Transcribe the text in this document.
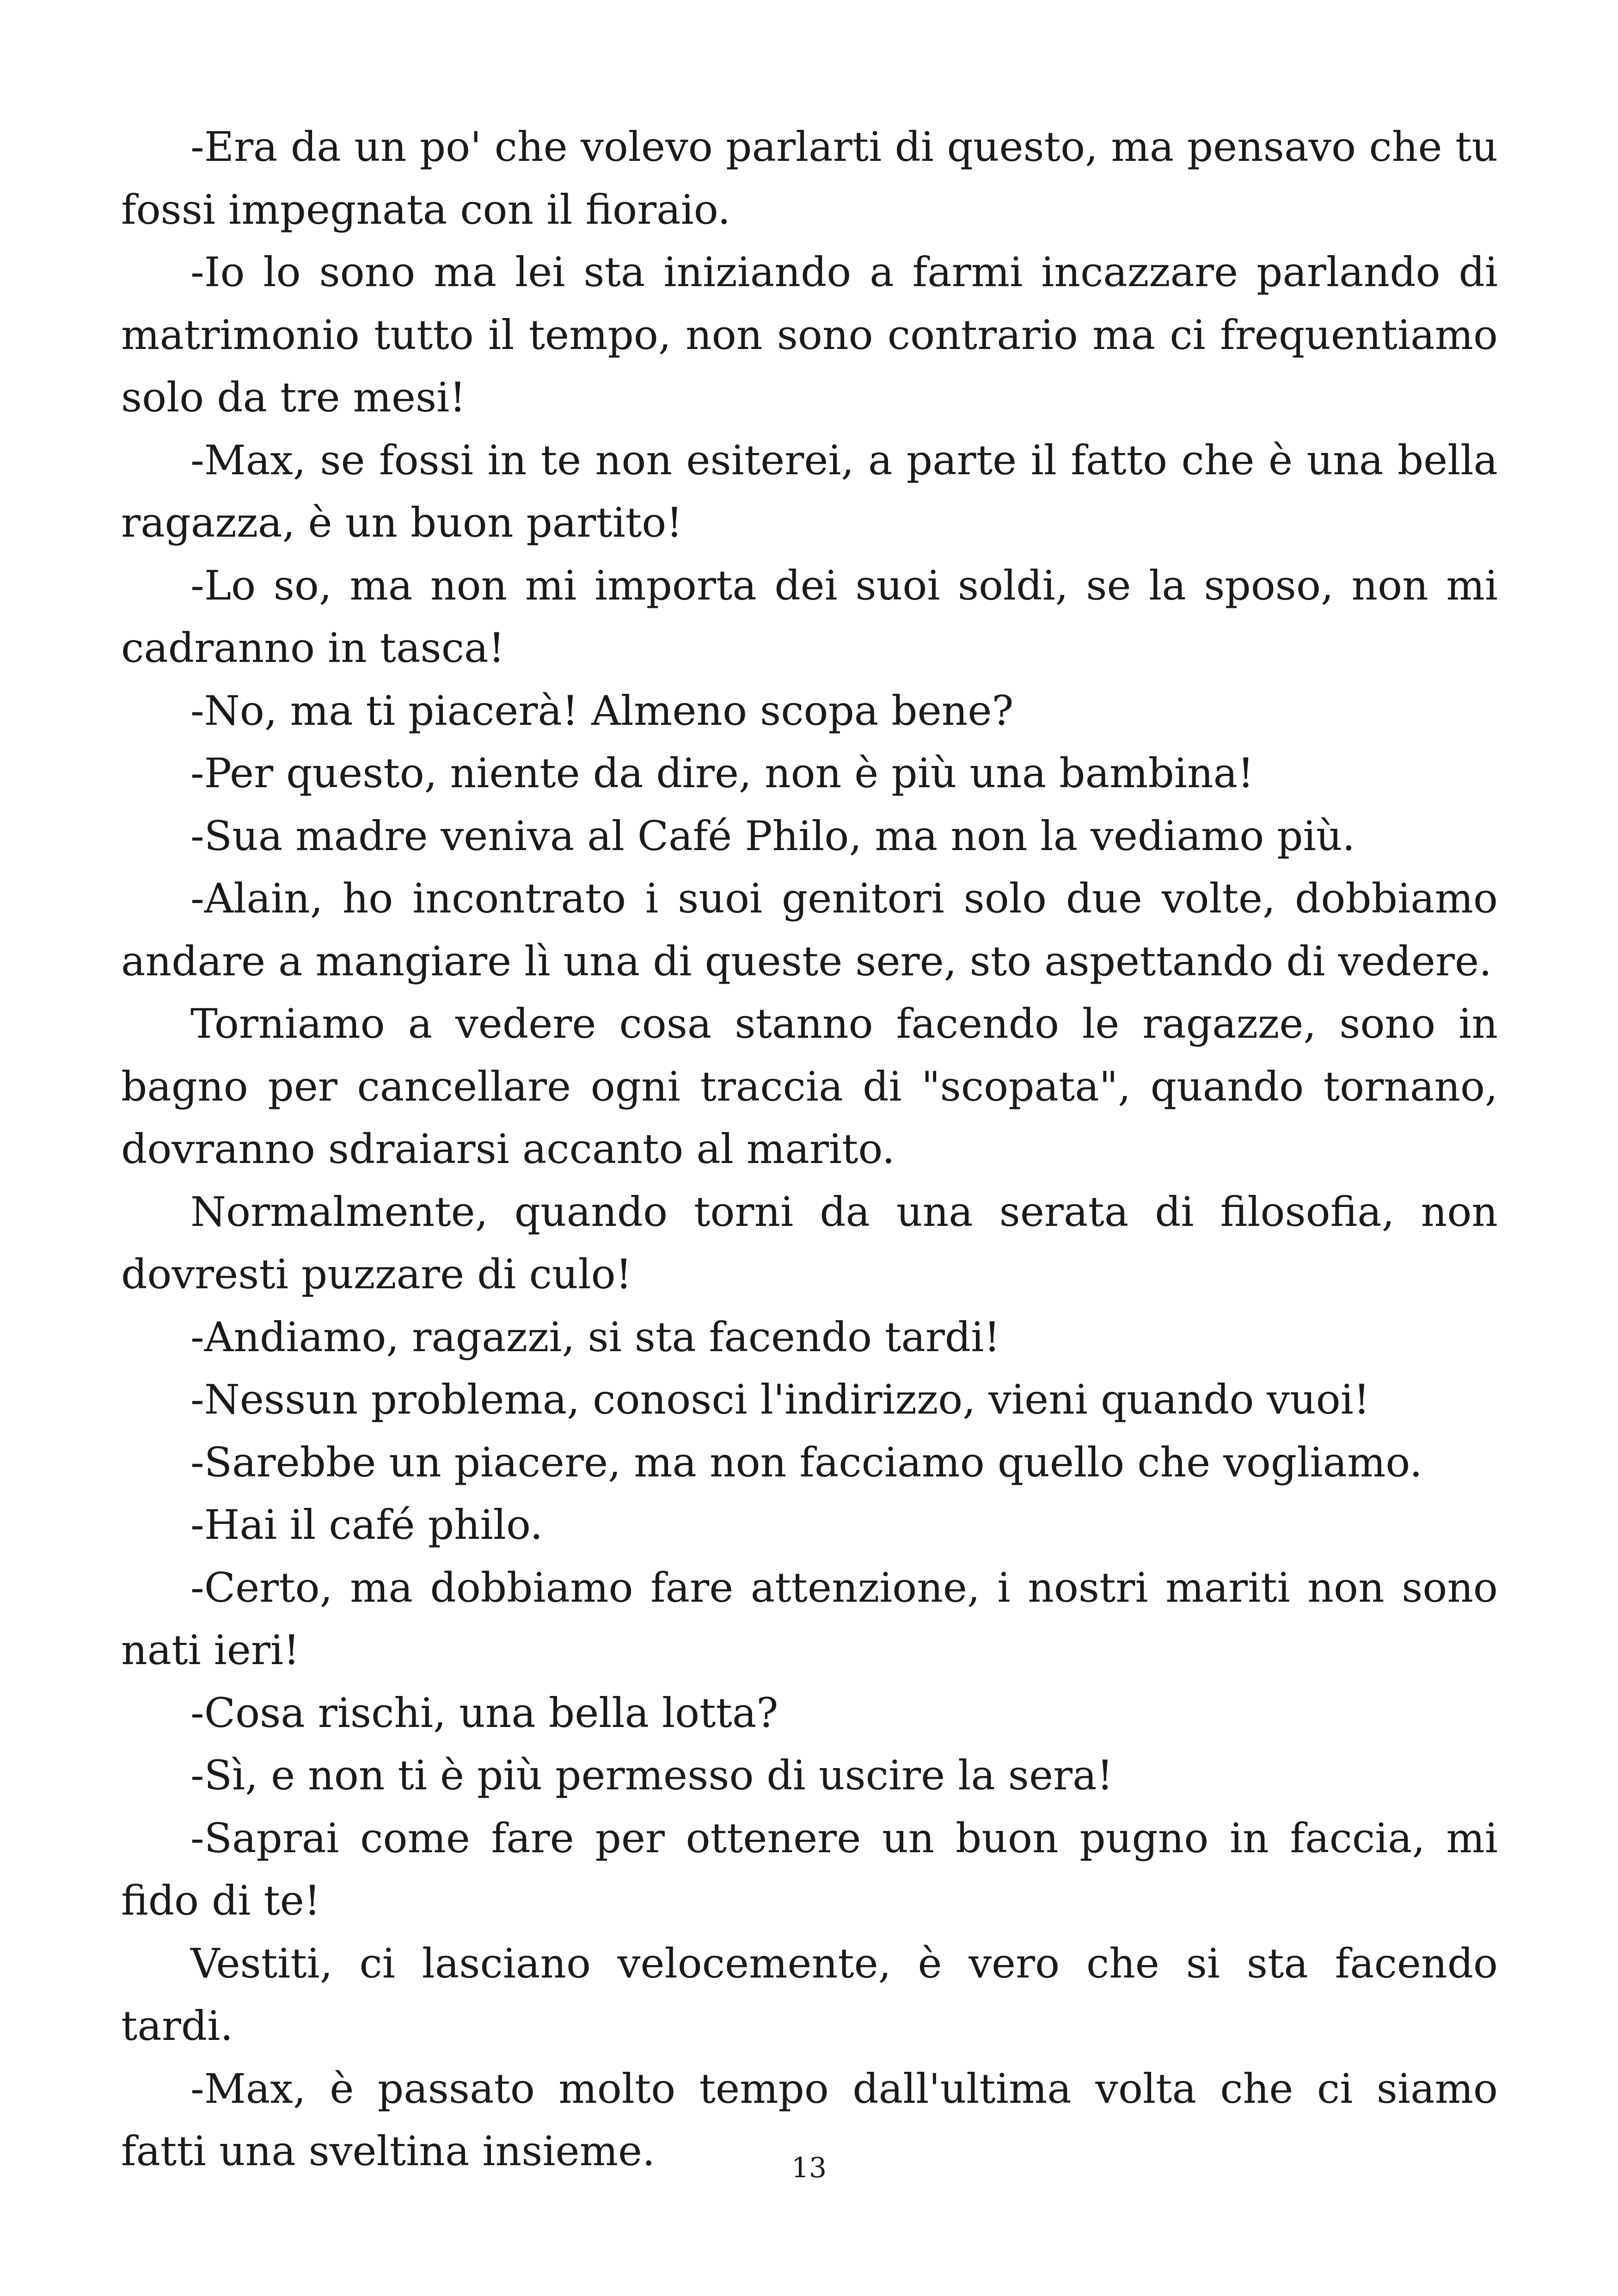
-Era da un po' che volevo parlarti di questo, ma pensavo che tu fossi impegnata con il fioraio.

-Io lo sono ma lei sta iniziando a farmi incazzare parlando di matrimonio tutto il tempo, non sono contrario ma ci frequentiamo solo da tre mesi!

-Max, se fossi in te non esiterei, a parte il fatto che è una bella ragazza, è un buon partito!

-Lo so, ma non mi importa dei suoi soldi, se la sposo, non mi cadranno in tasca!

-No, ma ti piacerà! Almeno scopa bene?

-Per questo, niente da dire, non è più una bambina!

-Sua madre veniva al Café Philo, ma non la vediamo più.

-Alain, ho incontrato i suoi genitori solo due volte, dobbiamo andare a mangiare lì una di queste sere, sto aspettando di vedere.

Torniamo a vedere cosa stanno facendo le ragazze, sono in bagno per cancellare ogni traccia di "scopata", quando tornano, dovranno sdraiarsi accanto al marito.

Normalmente, quando torni da una serata di filosofia, non dovresti puzzare di culo!

-Andiamo, ragazzi, si sta facendo tardi!

-Nessun problema, conosci l'indirizzo, vieni quando vuoi!

-Sarebbe un piacere, ma non facciamo quello che vogliamo.

-Hai il café philo.

-Certo, ma dobbiamo fare attenzione, i nostri mariti non sono nati ieri!

-Cosa rischi, una bella lotta?

-Sì, e non ti è più permesso di uscire la sera!

-Saprai come fare per ottenere un buon pugno in faccia, mi fido di te!

Vestiti, ci lasciano velocemente, è vero che si sta facendo tardi.

-Max, è passato molto tempo dall'ultima volta che ci siamo fatti una sveltina insieme.	13
